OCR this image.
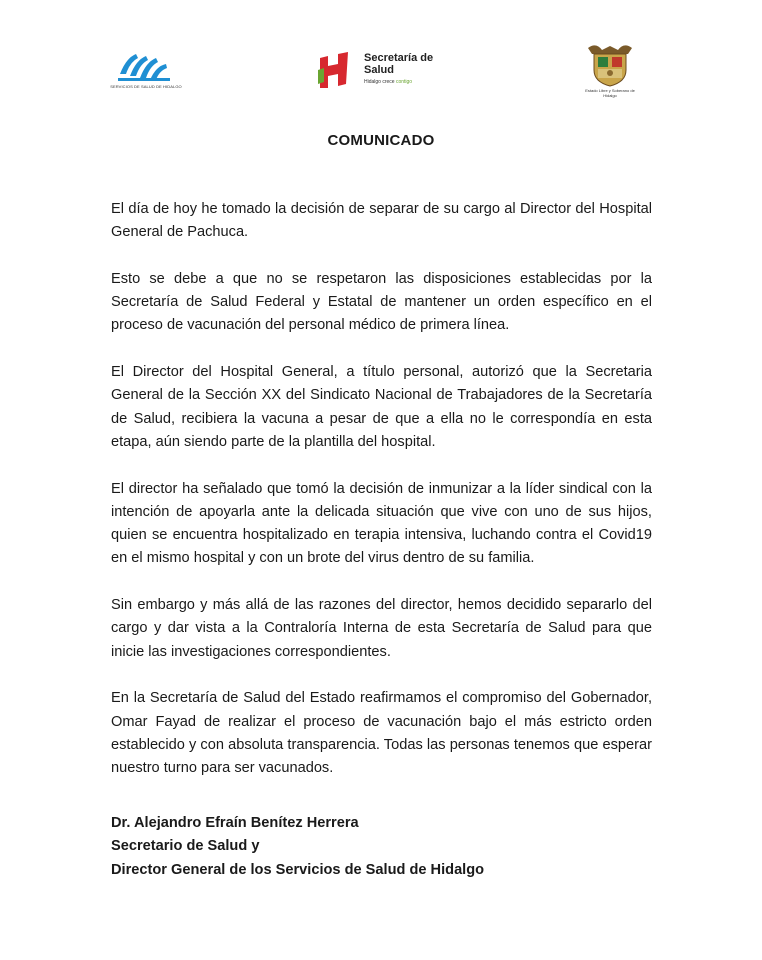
SERVICIOS DE SALUD DE HIDALGO
Secretaría de
Salud
Hidalgo crece contigo
Estado Libre y Soberano de Hidalgo
COMUNICADO

El día de hoy he tomado la decisión de separar de su cargo al Director del Hospital General de Pachuca.

Esto se debe a que no se respetaron las disposiciones establecidas por la Secretaría de Salud Federal y Estatal de mantener un orden específico en el proceso de vacunación del personal médico de primera línea.

El Director del Hospital General, a título personal, autorizó que la Secretaria General de la Sección XX del Sindicato Nacional de Trabajadores de la Secretaría de Salud, recibiera la vacuna a pesar de que a ella no le correspondía en esta etapa, aún siendo parte de la plantilla del hospital.

El director ha señalado que tomó la decisión de inmunizar a la líder sindical con la intención de apoyarla ante la delicada situación que vive con uno de sus hijos, quien se encuentra hospitalizado en terapia intensiva, luchando contra el Covid19 en el mismo hospital y con un brote del virus dentro de su familia.

Sin embargo y más allá de las razones del director, hemos decidido separarlo del cargo y dar vista a la Contraloría Interna de esta Secretaría de Salud para que inicie las investigaciones correspondientes.

En la Secretaría de Salud del Estado reafirmamos el compromiso del Gobernador, Omar Fayad de realizar el proceso de vacunación bajo el más estricto orden establecido y con absoluta transparencia. Todas las personas tenemos que esperar nuestro turno para ser vacunados.

Dr. Alejandro Efraín Benítez Herrera
Secretario de Salud y
Director General de los Servicios de Salud de Hidalgo
